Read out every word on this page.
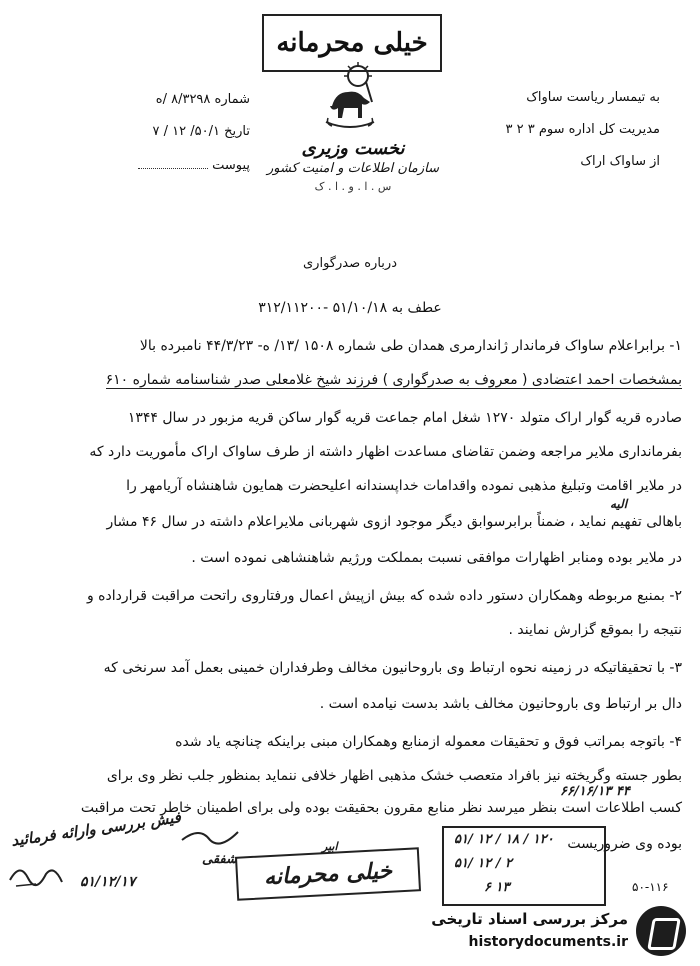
خیلی محرمانه
نخست وزیری
سازمان اطلاعات و امنیت کشور
س . ا . و . ا . ک
به تیمسار ریاست ساواک
مدیریت کل اداره سوم ۳ ۲ ۳
از ساواک اراک
شماره ۸/۳۲۹۸ /ه
تاریخ ۵۰/۱/ ۱۲ / ۷
پیوست
درباره صدرگواری
عطف به ۵۱/۱۰/۱۸ -۳۱۲/۱۱۲۰۰
۱- برابراعلام ساواک فرماندار ژاندارمری همدان طی شماره ۱۵۰۸ /۱۳/ ه- ۴۴/۳/۲۳ نامبرده بالا
بمشخصات احمد اعتضادی ( معروف به صدرگواری ) فرزند شیخ غلامعلی صدر شناسنامه شماره ۶۱۰
صادره قریه گوار اراک متولد ۱۲۷۰ شغل امام جماعت قریه گوار ساکن قریه مزبور در سال ۱۳۴۴
بفرمانداری ملایر مراجعه وضمن تقاضای مساعدت اظهار داشته از طرف ساواک اراک مأموریت دارد که
در ملایر اقامت وتبلیغ مذهبی نموده واقدامات خداپسندانه اعلیحضرت همایون شاهنشاه آریامهر را
الیه
باهالی تفهیم نماید ، ضمناً برابرسوابق دیگر موجود ازوی شهربانی ملایراعلام داشته در سال ۴۶ مشار
در ملایر بوده ومنابر اظهارات موافقی نسبت بمملکت ورژیم شاهنشاهی نموده است .
۲- بمنبع مربوطه وهمکاران دستور داده شده که بیش ازپیش اعمال ورفتاروی راتحت مراقبت قرارداده و
نتیجه را بموقع گزارش نمایند .
۳- با تحقیقاتیکه در زمینه نحوه ارتباط وی باروحانیون مخالف وطرفداران خمینی بعمل آمد سرنخی که
دال بر ارتباط وی باروحانیون مخالف باشد بدست نیامده است .
۴- باتوجه بمراتب فوق و تحقیقات معموله ازمنابع وهمکاران مبنی براینکه چنانچه یاد شده
بطور جسته وگریخته نیز بافراد متعصب خشک مذهبی اظهار خلافی ننماید بمنظور جلب نظر وی برای
کسب اطلاعات است بنظر میرسد نظر منابع مقرون بحقیقت بوده ولی برای اطمینان خاطر تحت مراقبت
بوده وی ضروریست
۶۶/۱۶/۱۳ ۴۴
فیش بررسی وارائه فرمائید
۵۱/۱۲/۱۷
شفقی	خیلی محرمانه
ابیر	۵۱/ ۱۲ / ۱۸ / ۱۲۰
۵۱/ ۱۲ / ۲
۶ ۱۳	۵۰-۱۱۶
مرکز بررسی اسناد تاریخی
historydocuments.ir
